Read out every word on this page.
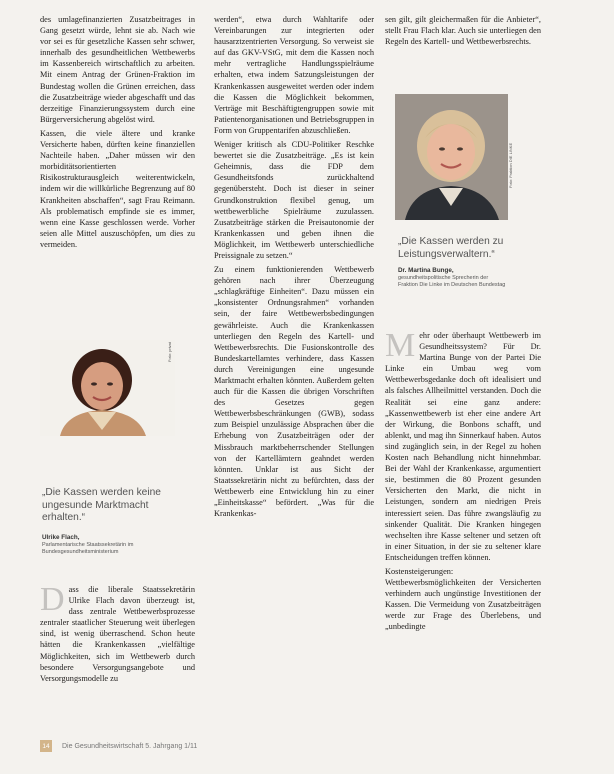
des umlagefinanzierten Zusatzbeitrages in Gang gesetzt würde, lehnt sie ab. Nach wie vor sei es für gesetzliche Kassen sehr schwer, innerhalb des gesundheitlichen Wettbewerbs im Kassenbereich wirtschaftlich zu arbeiten. Mit einem Antrag der Grünen-Fraktion im Bundestag wollen die Grünen erreichen, dass die Zusatzbeiträge wieder abgeschafft und das derzeitige Finanzierungssystem durch eine Bürgerversicherung abgelöst wird.

Kassen, die viele ältere und kranke Versicherte haben, dürften keine finanziellen Nachteile haben. „Daher müssen wir den morbiditätsorientierten Risikostrukturausgleich weiterentwickeln, indem wir die willkürliche Begrenzung auf 80 Krankheiten abschaffen“, sagt Frau Reimann. Als problematisch empfinde sie es immer, wenn eine Kasse geschlossen werde. Vorher seien alle Mittel auszuschöpfen, um dies zu vermeiden.

Foto: privat

„Die Kassen werden keine ungesunde Marktmacht erhalten.“

Ulrike Flach,

Parlamentarische Staatssekretärin im Bundesgesundheitsministerium

D ass die liberale Staatssekretärin Ulrike Flach davon überzeugt ist, dass zentrale Wettbewerbsprozesse zentraler staatlicher Steuerung weit überlegen sind, ist wenig überraschend. Schon heute hätten die Krankenkassen „vielfältige Möglichkeiten, sich im Wettbewerb durch besondere Versorgungsangebote und Versorgungsmodelle zu

werden“, etwa durch Wahltarife oder Vereinbarungen zur integrierten oder hausarztzentrierten Versorgung. So verweist sie auf das GKV-VStG, mit dem die Kassen noch mehr vertragliche Handlungsspielräume erhalten, etwa indem Satzungsleistungen der Krankenkassen ausgeweitet werden oder indem die Kassen die Möglichkeit bekommen, Verträge mit Beschäftigtengruppen sowie mit Patientenorganisationen und Betriebsgruppen in Form von Gruppentarifen abzuschließen.

Weniger kritisch als CDU-Politiker Reschke bewertet sie die Zusatzbeiträge. „Es ist kein Geheimnis, dass die FDP dem Gesundheitsfonds zurückhaltend gegenübersteht. Doch ist dieser in seiner Grundkonstruktion flexibel genug, um wettbewerbliche Spielräume zuzulassen. Zusatzbeiträge stärken die Preisautonomie der Krankenkassen und geben ihnen die Möglichkeit, im Wettbewerb unterschiedliche Preissignale zu setzen.“

Zu einem funktionierenden Wettbewerb gehören nach ihrer Überzeugung „schlagkräftige Einheiten“. Dazu müssen ein „konsistenter Ordnungsrahmen“ vorhanden sein, der faire Wettbewerbsbedingungen gewährleiste. Auch die Krankenkassen unterliegen den Regeln des Kartell- und Wettbewerbsrechts. Die Fusionskontrolle des Bundeskartellamtes verhindere, dass Kassen durch Vereinigungen eine ungesunde Marktmacht erhalten könnten. Außerdem gelten auch für die Kassen die übrigen Vorschriften des Gesetzes gegen Wettbewerbsbeschränkungen (GWB), sodass zum Beispiel unzulässige Absprachen über die Erhebung von Zusatzbeiträgen oder der Missbrauch marktbeherrschender Stellungen von der Kartellämtern geahndet werden könnten. Unklar ist aus Sicht der Staatssekretärin nicht zu befürchten, dass der Wettbewerb eine Entwicklung hin zu einer „Einheitskasse“ befördert. „Was für die Krankenkas-

sen gilt, gilt gleichermaßen für die Anbieter“, stellt Frau Flach klar. Auch sie unterliegen den Regeln des Kartell- und Wettbewerbsrechts.

Foto: Fraktion DIE LINKE

„Die Kassen werden zu Leistungsverwaltern.“

Dr. Martina Bunge,

gesundheitspolitische Sprecherin der Fraktion Die Linke im Deutschen Bundestag

M ehr oder überhaupt Wettbewerb im Gesundheitssystem? Für Dr. Martina Bunge von der Partei Die Linke ein Umbau weg vom Wettbewerbsgedanke doch oft idealisiert und als falsches Allheilmittel verstanden. Doch die Realität sei eine ganz andere: „Kassenwettbewerb ist eher eine andere Art der Wirkung, die Bonbons schafft, und ablenkt, und mag ihn Sinnerkauf haben. Autos sind zugänglich sein, in der Regel zu hohen Kosten nach Behandlung nicht hinnehmbar. Bei der Wahl der Krankenkasse, argumentiert sie, bestimmen die 80 Prozent gesunden Versicherten den Markt, die nicht in Leistungen, sondern am niedrigen Preis interessiert seien. Das führe zwangsläufig zu sinkender Qualität. Die Kranken hingegen wechselten ihre Kasse seltener und setzen oft in einer Situation, in der sie zu seltener klare Entscheidungen treffen können.

Kostensteigerungen: Wettbewerbsmöglichkeiten der Versicherten verhindern auch ungünstige Investitionen der Kassen. Die Vermeidung von Zusatzbeiträgen werde zur Frage des Überlebens, und „unbedingte

14	Die Gesundheitswirtschaft 5. Jahrgang 1/11
